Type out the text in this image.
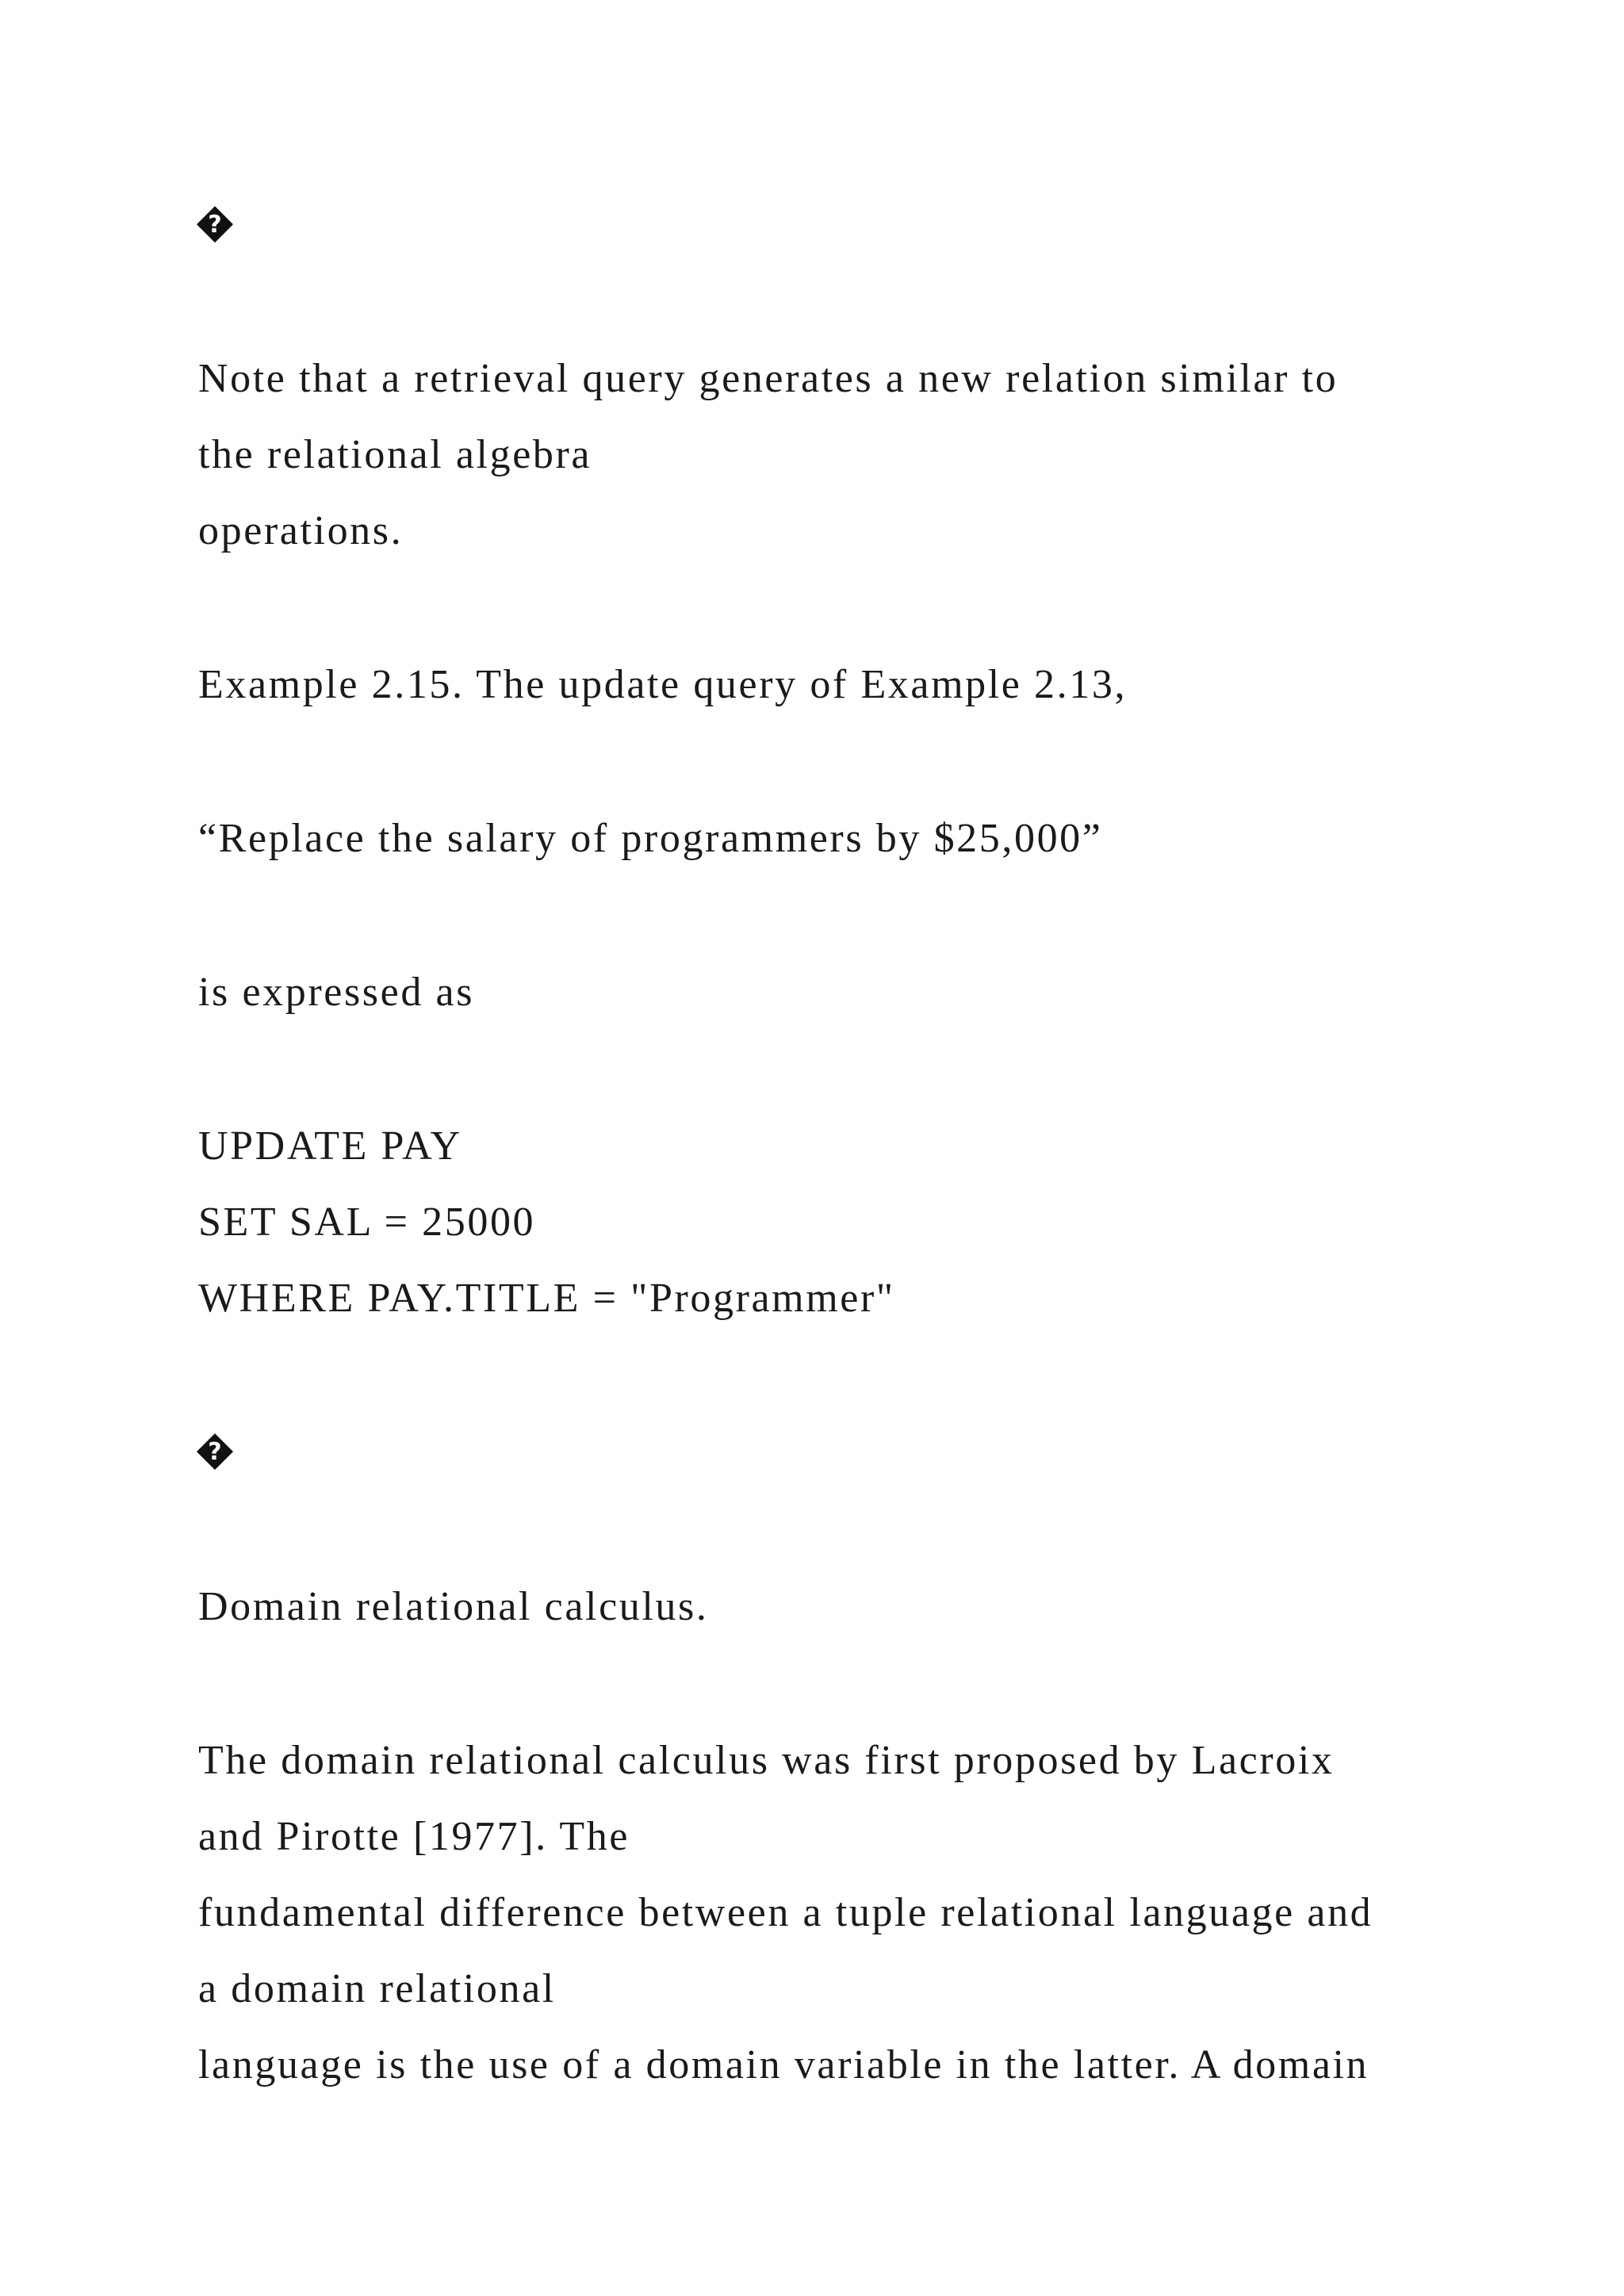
?
Note that a retrieval query generates a new relation similar to
the relational algebra
operations.
Example 2.15. The update query of Example 2.13,
“Replace the salary of programmers by $25,000”
is expressed as
UPDATE PAY
SET SAL = 25000
WHERE PAY.TITLE = "Programmer"
?
Domain relational calculus.
The domain relational calculus was first proposed by Lacroix
and Pirotte [1977]. The
fundamental difference between a tuple relational language and
a domain relational
language is the use of a domain variable in the latter. A domain
